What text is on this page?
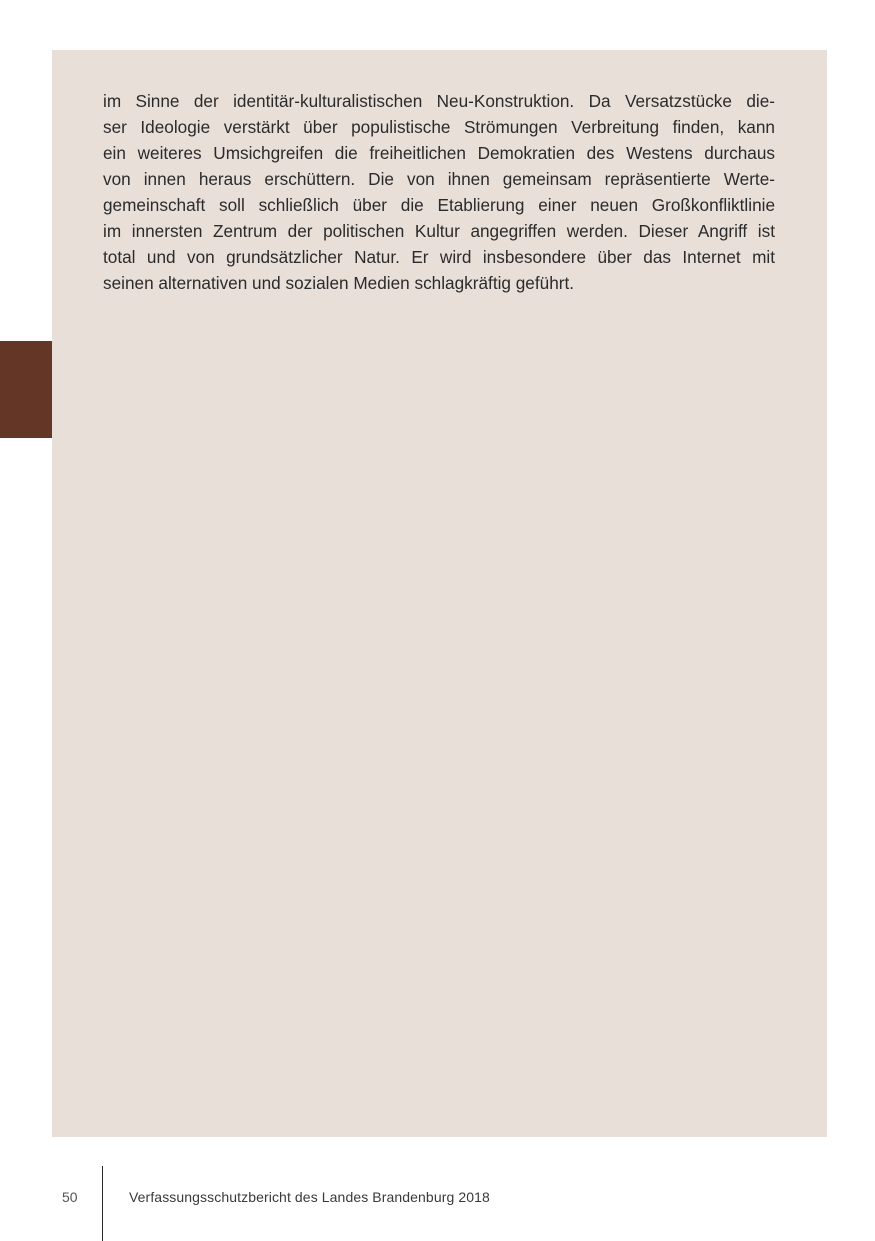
im Sinne der identitär-kulturalistischen Neu-Konstruktion. Da Versatzstücke die-
ser Ideologie verstärkt über populistische Strömungen Verbreitung finden, kann
ein weiteres Umsichgreifen die freiheitlichen Demokratien des Westens durchaus
von innen heraus erschüttern. Die von ihnen gemeinsam repräsentierte Werte-
gemeinschaft soll schließlich über die Etablierung einer neuen Großkonfliktlinie
im innersten Zentrum der politischen Kultur angegriffen werden. Dieser Angriff ist
total und von grundsätzlicher Natur. Er wird insbesondere über das Internet mit
seinen alternativen und sozialen Medien schlagkräftig geführt.

50	Verfassungsschutzbericht des Landes Brandenburg 2018
